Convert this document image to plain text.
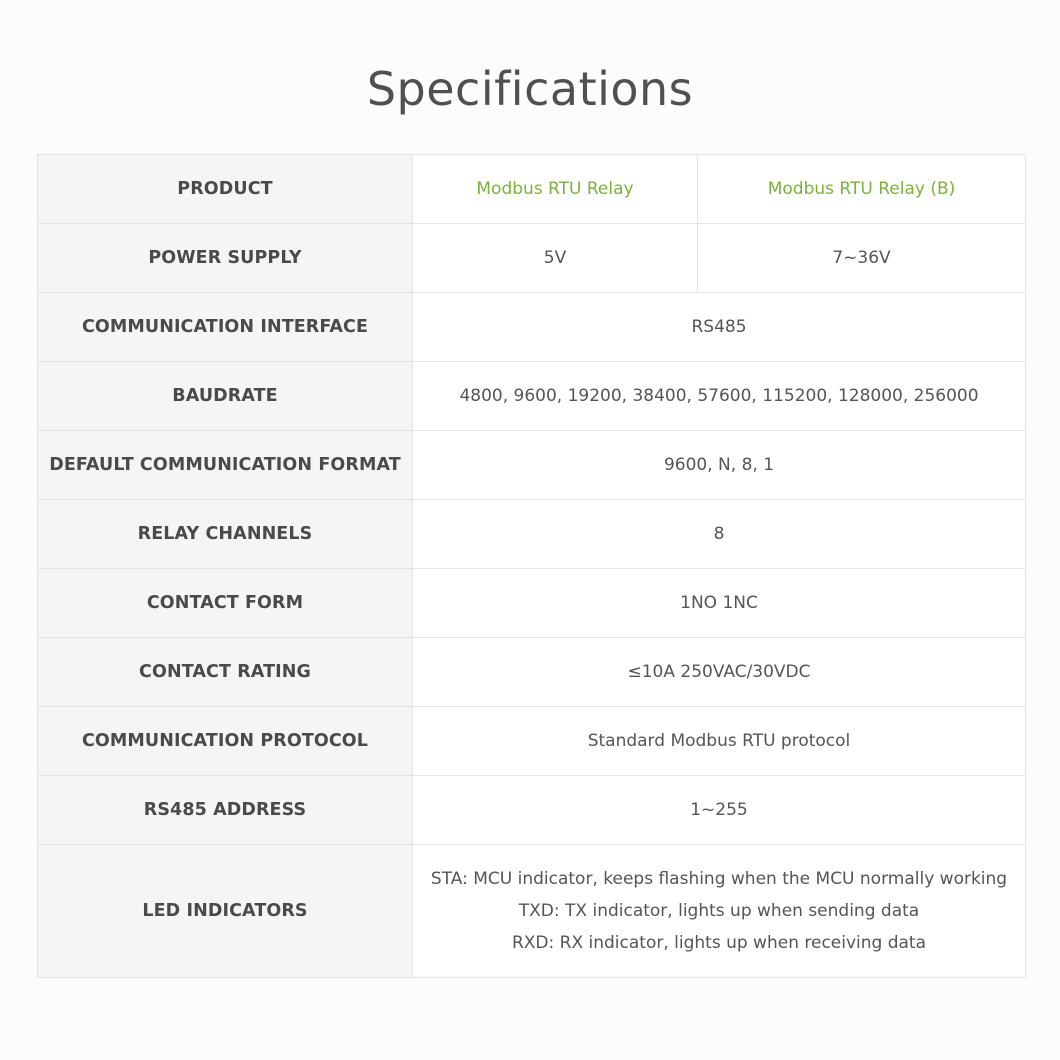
Specifications
PRODUCT	Modbus RTU Relay	Modbus RTU Relay (B)
POWER SUPPLY	5V	7~36V
COMMUNICATION INTERFACE	RS485	
BAUDRATE	4800, 9600, 19200, 38400, 57600, 115200, 128000, 256000	
DEFAULT COMMUNICATION FORMAT	9600, N, 8, 1	
RELAY CHANNELS	8	
CONTACT FORM	1NO 1NC	
CONTACT RATING	≤10A 250VAC/30VDC	
COMMUNICATION PROTOCOL	Standard Modbus RTU protocol	
RS485 ADDRESS	1~255	
LED INDICATORS	STA: MCU indicator, keeps flashing when the MCU normally working
TXD: TX indicator, lights up when sending data
RXD: RX indicator, lights up when receiving data	
